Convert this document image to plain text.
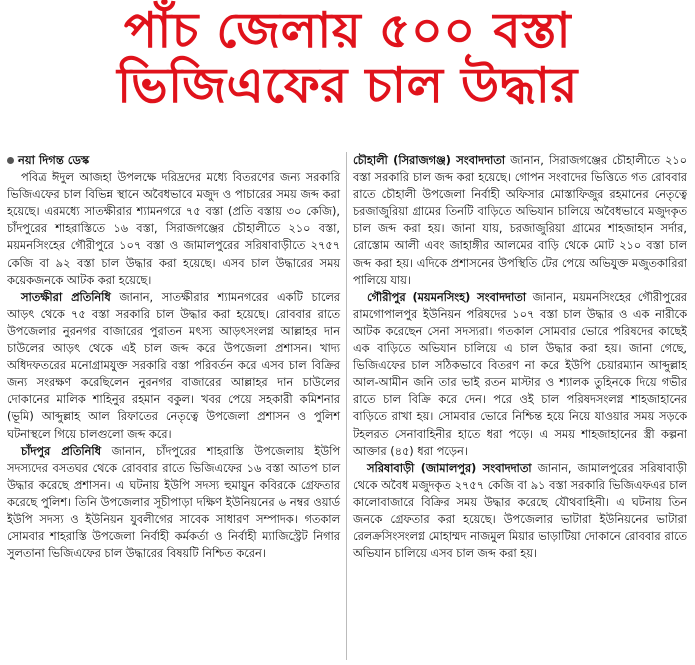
পাঁচ জেলায় ৫০০ বস্তা
ভিজিএফের চাল উদ্ধার
নয়া দিগন্ত ডেস্ক

পবিত্র ঈদুল আজহা উপলক্ষে দরিদ্রদের মধ্যে বিতরণের জন্য সরকারি ভিজিএফের চাল বিভিন্ন স্থানে অবৈধভাবে মজুদ ও পাচারের সময় জব্দ করা হয়েছে। এরমধ্যে সাতক্ষীরার শ্যামনগরে ৭৫ বস্তা (প্রতি বস্তায় ৩০ কেজি), চাঁদপুরের শাহরাস্তিতে ১৬ বস্তা, সিরাজগঞ্জের চৌহালীতে ২১০ বস্তা, ময়মনসিংহের গৌরীপুরে ১০৭ বস্তা ও জামালপুরের সরিষাবাড়ীতে ২৭৫৭ কেজি বা ৯২ বস্তা চাল উদ্ধার করা হয়েছে। এসব চাল উদ্ধারের সময় কয়েকজনকে আটক করা হয়েছে।

সাতক্ষীরা প্রতিনিধি জানান, সাতক্ষীরার শ্যামনগরের একটি চালের আড়ৎ থেকে ৭৫ বস্তা সরকারি চাল উদ্ধার করা হয়েছে। রোববার রাতে উপজেলার নুরনগর বাজারের পুরাতন মৎস্য আড়ৎসংলগ্ন আল্লাহর দান চাউলের আড়ৎ থেকে এই চাল জব্দ করে উপজেলা প্রশাসন। খাদ্য অধিদফতরের মনোগ্রামযুক্ত সরকারি বস্তা পরিবর্তন করে এসব চাল বিক্রির জন্য সংরক্ষণ করেছিলেন নুরনগর বাজারের আল্লাহর দান চাউলের দোকানের মালিক শাহিনুর রহমান বকুল। খবর পেয়ে সহকারী কমিশনার (ভূমি) আব্দুল্লাহ আল রিফাতের নেতৃত্বে উপজেলা প্রশাসন ও পুলিশ ঘটনাস্থলে গিয়ে চালগুলো জব্দ করে।

চাঁদপুর প্রতিনিধি জানান, চাঁদপুরের শাহরাস্তি উপজেলায় ইউপি সদস্যদের বসতঘর থেকে রোববার রাতে ভিজিএফের ১৬ বস্তা আতপ চাল উদ্ধার করেছে প্রশাসন। এ ঘটনায় ইউপি সদস্য হুমায়ুন কবিরকে গ্রেফতার করেছে পুলিশ। তিনি উপজেলার সূচীপাড়া দক্ষিণ ইউনিয়নের ৬ নম্বর ওয়ার্ড ইউপি সদস্য ও ইউনিয়ন যুবলীগের সাবেক সাধারণ সম্পাদক। গতকাল সোমবার শাহরাস্তি উপজেলা নির্বাহী কর্মকর্তা ও নির্বাহী ম্যাজিস্ট্রেট নিগার সুলতানা ভিজিএফের চাল উদ্ধারের বিষয়টি নিশ্চিত করেন।

চৌহালী (সিরাজগঞ্জ) সংবাদদাতা জানান, সিরাজগঞ্জের চৌহালীতে ২১০ বস্তা সরকারি চাল জব্দ করা হয়েছে। গোপন সংবাদের ভিত্তিতে গত রোববার রাতে চৌহালী উপজেলা নির্বাহী অফিসার মোস্তাফিজুর রহমানের নেতৃত্বে চরজাজুরিয়া গ্রামের তিনটি বাড়িতে অভিযান চালিয়ে অবৈধভাবে মজুদকৃত চাল জব্দ করা হয়। জানা যায়, চরজাজুরিয়া গ্রামের শাহজাহান সর্দার, রোস্তোম আলী এবং জাহাঙ্গীর আলমের বাড়ি থেকে মোট ২১০ বস্তা চাল জব্দ করা হয়। এদিকে প্রশাসনের উপস্থিতি টের পেয়ে অভিযুক্ত মজুতকারিরা পালিয়ে যায়।

গৌরীপুর (ময়মনসিংহ) সংবাদদাতা জানান, ময়মনসিংহের গৌরীপুরের রামগোপালপুর ইউনিয়ন পরিষদের ১০৭ বস্তা চাল উদ্ধার ও এক নারীকে আটক করেছেন সেনা সদস্যরা। গতকাল সোমবার ভোরে পরিষদের কাছেই এক বাড়িতে অভিযান চালিয়ে এ চাল উদ্ধার করা হয়। জানা গেছে, ভিজিএফের চাল সঠিকভাবে বিতরণ না করে ইউপি চেয়ারম্যান আব্দুল্লাহ আল-আমীন জনি তার ভাই রতন মাস্টার ও শ্যালক তুহিনকে দিয়ে গভীর রাতে চাল বিক্রি করে দেন। পরে ওই চাল পরিষদসংলগ্ন শাহজাহানের বাড়িতে রাখা হয়। সোমবার ভোরে নিশ্চিন্ত হয়ে নিয়ে যাওয়ার সময় সড়কে টহলরত সেনাবাহিনীর হাতে ধরা পড়ে। এ সময় শাহজাহানের স্ত্রী কল্পনা আক্তার (৪৫) ধরা পড়েন।

সরিষাবাড়ী (জামালপুর) সংবাদদাতা জানান, জামালপুরের সরিষাবাড়ী থেকে অবৈধ মজুদকৃত ২৭৫৭ কেজি বা ৯১ বস্তা সরকারি ভিজিএফএর চাল কালোবাজারে বিক্রির সময় উদ্ধার করেছে যৌথবাহিনী। এ ঘটনায় তিন জনকে গ্রেফতার করা হয়েছে। উপজেলার ভাটারা ইউনিয়নের ভাটারা রেলক্রসিংসংলগ্ন মোহাম্মদ নাজমুল মিয়ার ভাড়াটিয়া দোকানে রোববার রাতে অভিযান চালিয়ে এসব চাল জব্দ করা হয়।
